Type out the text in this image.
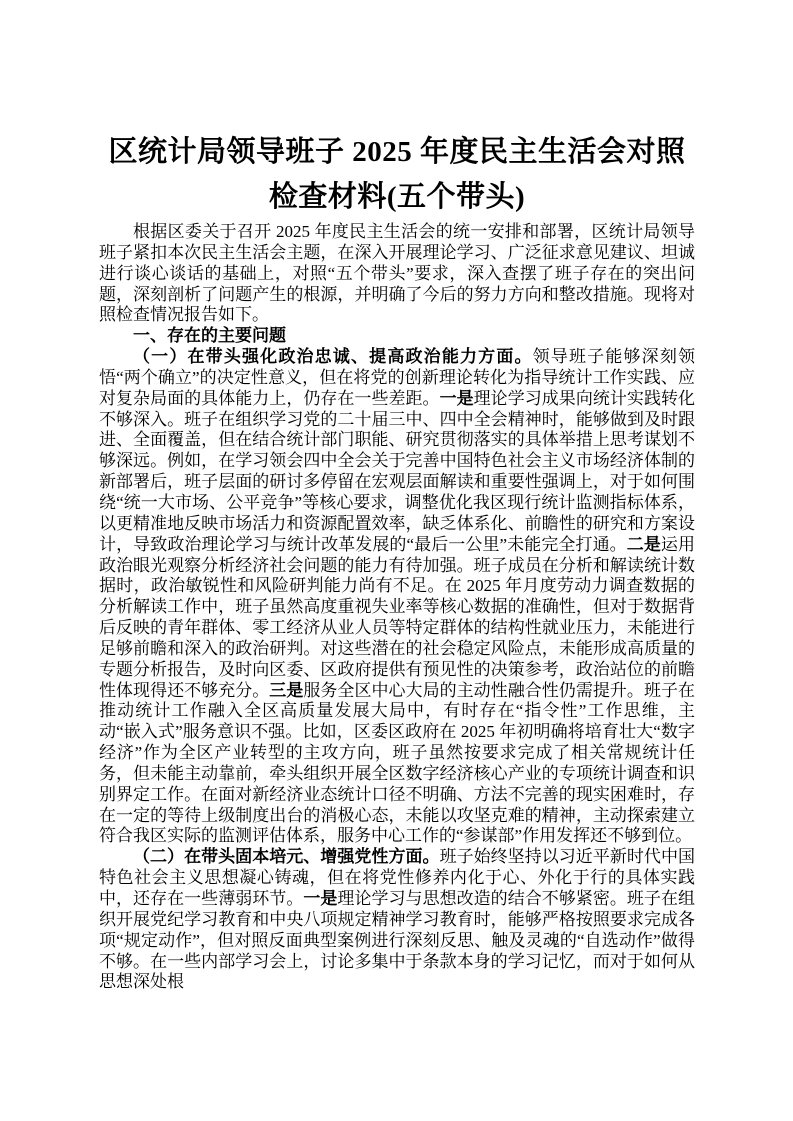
区统计局领导班子 2025 年度民主生活会对照检查材料(五个带头)

根据区委关于召开 2025 年度民主生活会的统一安排和部署，区统计局领导班子紧扣本次民主生活会主题，在深入开展理论学习、广泛征求意见建议、坦诚进行谈心谈话的基础上，对照“五个带头”要求，深入查摆了班子存在的突出问题，深刻剖析了问题产生的根源，并明确了今后的努力方向和整改措施。现将对照检查情况报告如下。

一、存在的主要问题

（一）在带头强化政治忠诚、提高政治能力方面。领导班子能够深刻领悟“两个确立”的决定性意义，但在将党的创新理论转化为指导统计工作实践、应对复杂局面的具体能力上，仍存在一些差距。一是理论学习成果向统计实践转化不够深入。班子在组织学习党的二十届三中、四中全会精神时，能够做到及时跟进、全面覆盖，但在结合统计部门职能、研究贯彻落实的具体举措上思考谋划不够深远。例如，在学习领会四中全会关于完善中国特色社会主义市场经济体制的新部署后，班子层面的研讨多停留在宏观层面解读和重要性强调上，对于如何围绕“统一大市场、公平竞争”等核心要求，调整优化我区现行统计监测指标体系，以更精准地反映市场活力和资源配置效率，缺乏体系化、前瞻性的研究和方案设计，导致政治理论学习与统计改革发展的“最后一公里”未能完全打通。二是运用政治眼光观察分析经济社会问题的能力有待加强。班子成员在分析和解读统计数据时，政治敏锐性和风险研判能力尚有不足。在 2025 年月度劳动力调查数据的分析解读工作中，班子虽然高度重视失业率等核心数据的准确性，但对于数据背后反映的青年群体、零工经济从业人员等特定群体的结构性就业压力，未能进行足够前瞻和深入的政治研判。对这些潜在的社会稳定风险点，未能形成高质量的专题分析报告，及时向区委、区政府提供有预见性的决策参考，政治站位的前瞻性体现得还不够充分。三是服务全区中心大局的主动性融合性仍需提升。班子在推动统计工作融入全区高质量发展大局中，有时存在“指令性”工作思维，主动“嵌入式”服务意识不强。比如，区委区政府在 2025 年初明确将培育壮大“数字经济”作为全区产业转型的主攻方向，班子虽然按要求完成了相关常规统计任务，但未能主动靠前，牵头组织开展全区数字经济核心产业的专项统计调查和识别界定工作。在面对新经济业态统计口径不明确、方法不完善的现实困难时，存在一定的等待上级制度出台的消极心态，未能以攻坚克难的精神，主动探索建立符合我区实际的监测评估体系，服务中心工作的“参谋部”作用发挥还不够到位。

（二）在带头固本培元、增强党性方面。班子始终坚持以习近平新时代中国特色社会主义思想凝心铸魂，但在将党性修养内化于心、外化于行的具体实践中，还存在一些薄弱环节。一是理论学习与思想改造的结合不够紧密。班子在组织开展党纪学习教育和中央八项规定精神学习教育时，能够严格按照要求完成各项“规定动作”，但对照反面典型案例进行深刻反思、触及灵魂的“自选动作”做得不够。在一些内部学习会上，讨论多集中于条款本身的学习记忆，而对于如何从思想深处根
